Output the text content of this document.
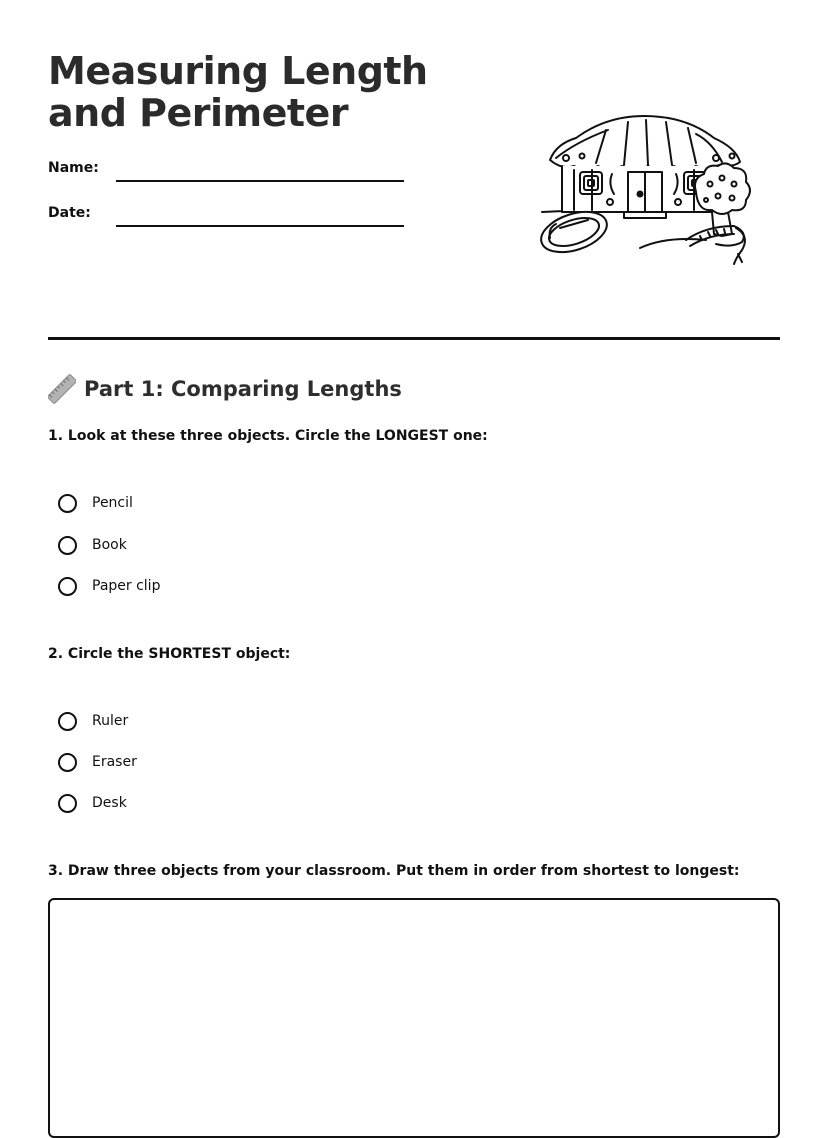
Measuring Length and Perimeter
Name:
Date:
Part 1: Comparing Lengths
1. Look at these three objects. Circle the LONGEST one:
Pencil
Book
Paper clip
2. Circle the SHORTEST object:
Ruler
Eraser
Desk
3. Draw three objects from your classroom. Put them in order from shortest to longest:
